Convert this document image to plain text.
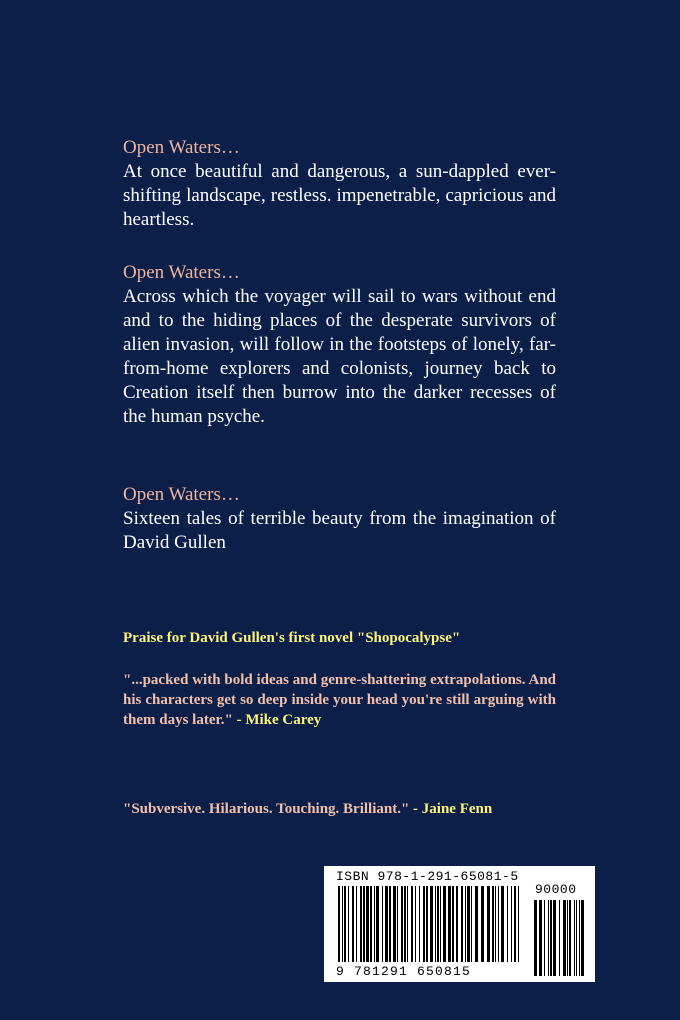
Open Waters…

At once beautiful and dangerous, a sun-dappled ever-shifting landscape, restless. impenetrable, capricious and heartless.

Open Waters…

Across which the voyager will sail to wars without end and to the hiding places of the desperate survivors of alien invasion, will follow in the footsteps of lonely, far-from-home explorers and colonists, journey back to Creation itself then burrow into the darker recesses of the human psyche.

Open Waters…

Sixteen tales of terrible beauty from the imagination of David Gullen

Praise for David Gullen's first novel "Shopocalypse"

"...packed with bold ideas and genre-shattering extrapolations. And his characters get so deep inside your head you're still arguing with them days later." - Mike Carey

"Subversive. Hilarious. Touching. Brilliant." - Jaine Fenn

ISBN 978-1-291-65081-5
90000
9 781291 650815
